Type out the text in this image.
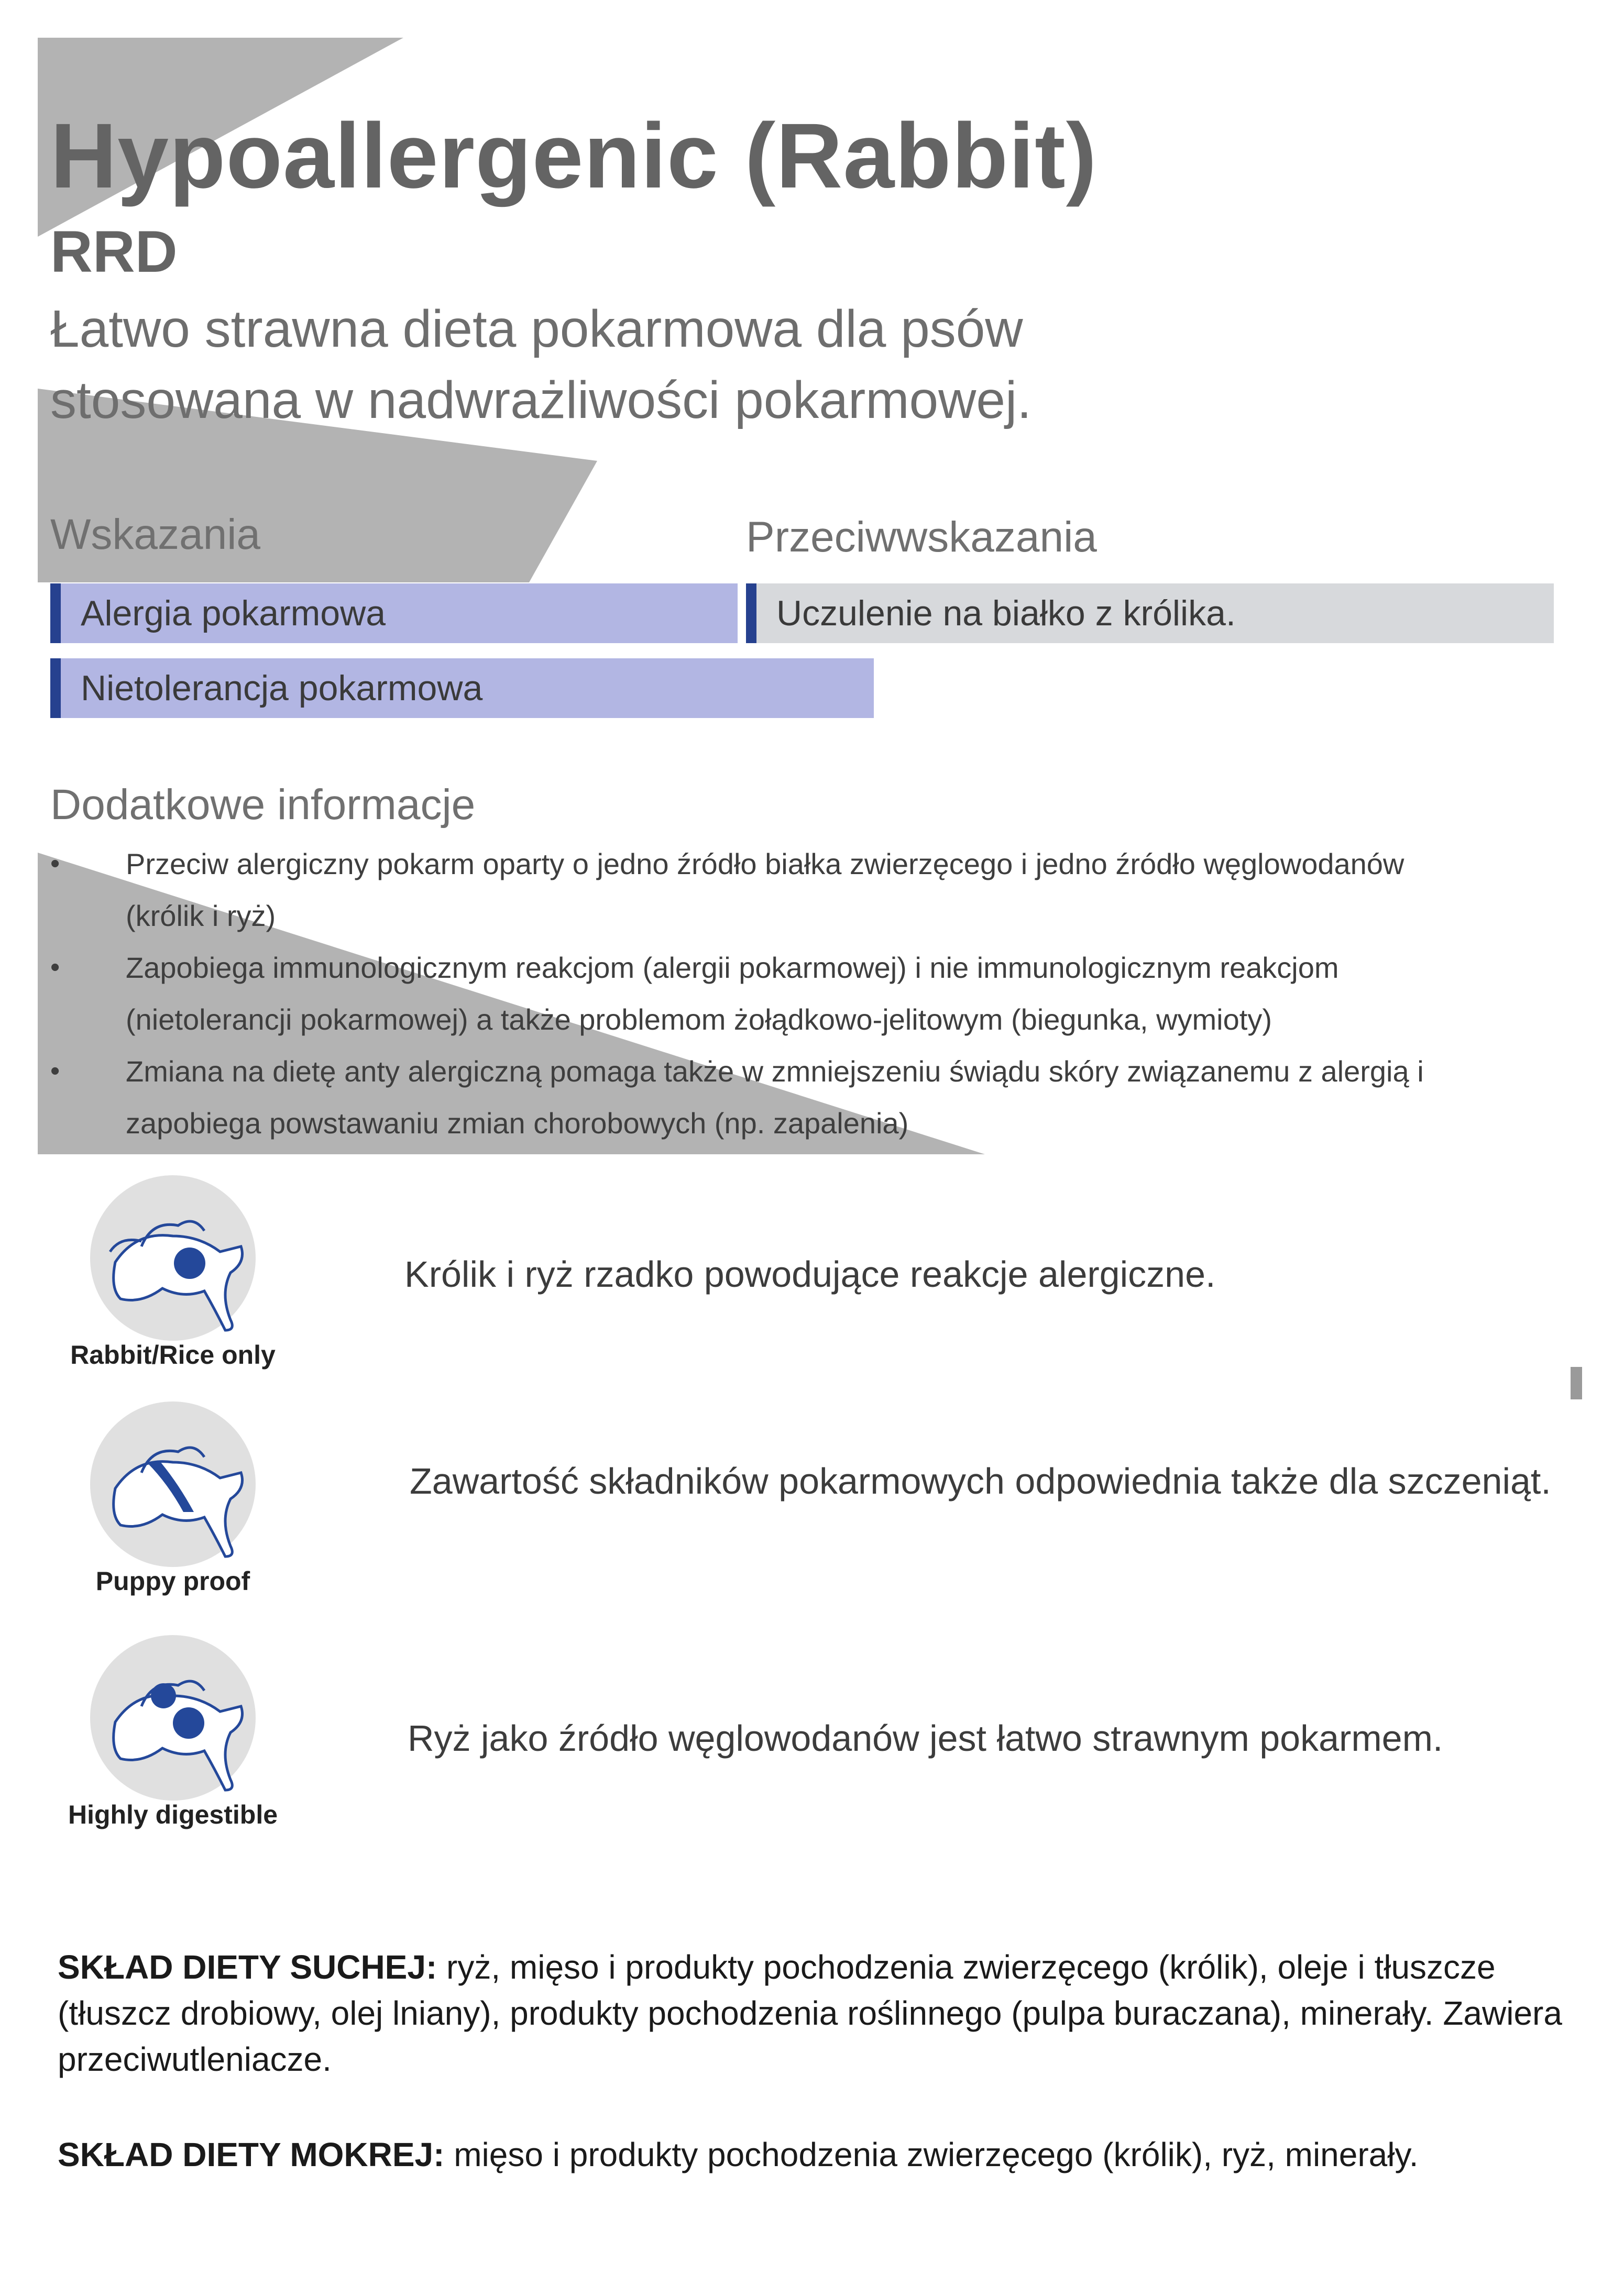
Hypoallergenic (Rabbit)
RRD
Łatwo strawna dieta pokarmowa dla psów stosowana w nadwrażliwości pokarmowej.
Wskazania	Przeciwwskazania
Alergia pokarmowa
Nietolerancja pokarmowa
Uczulenie na białko z królika.
Dodatkowe informacje
• Przeciw alergiczny pokarm oparty o jedno źródło białka zwierzęcego i jedno źródło węglowodanów (królik i ryż)
• Zapobiega immunologicznym reakcjom (alergii pokarmowej) i nie immunologicznym reakcjom (nietolerancji pokarmowej) a także problemom żołądkowo-jelitowym (biegunka, wymioty)
• Zmiana na dietę anty alergiczną pomaga także w zmniejszeniu świądu skóry związanemu z alergią i zapobiega powstawaniu zmian chorobowych (np. zapalenia)
Rabbit/Rice only
Królik i ryż rzadko powodujące reakcje alergiczne.
Puppy proof
Zawartość składników pokarmowych odpowiednia także dla szczeniąt.
Highly digestible
Ryż jako źródło węglowodanów jest łatwo strawnym pokarmem.
SKŁAD DIETY SUCHEJ: ryż, mięso i produkty pochodzenia zwierzęcego (królik), oleje i tłuszcze (tłuszcz drobiowy, olej lniany), produkty pochodzenia roślinnego (pulpa buraczana), minerały. Zawiera przeciwutleniacze.
SKŁAD DIETY MOKREJ: mięso i produkty pochodzenia zwierzęcego (królik), ryż, minerały.
